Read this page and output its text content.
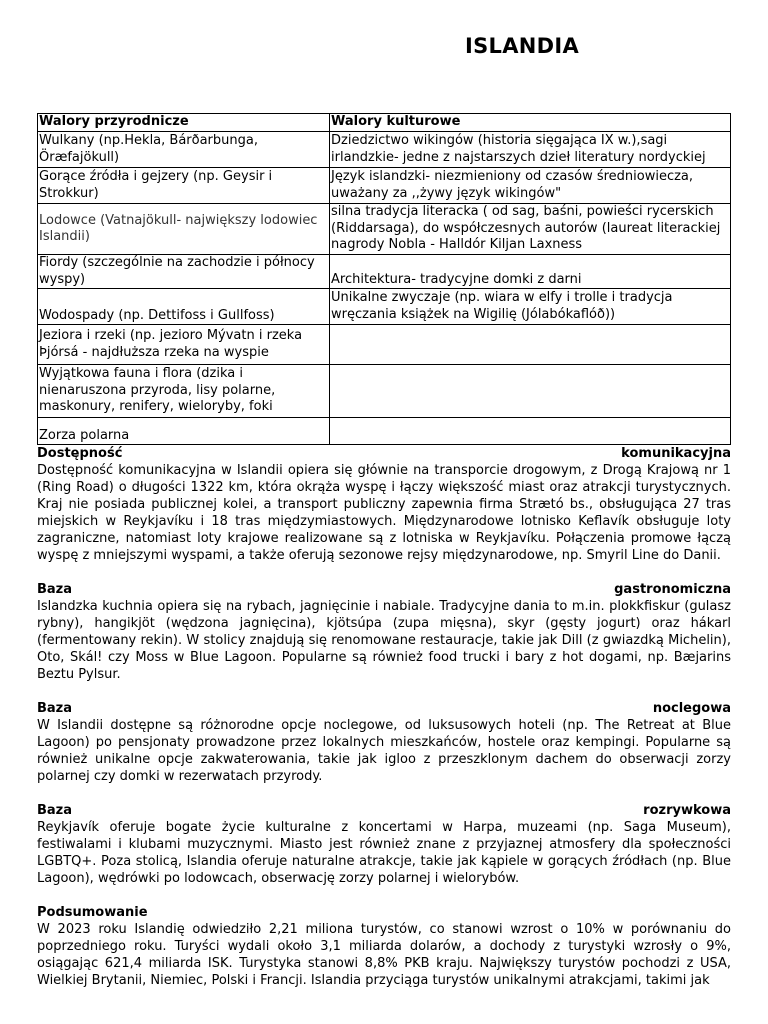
ISLANDIA
Walory przyrodnicze	Walory kulturowe
Wulkany (np.Hekla, Bárðarbunga, Öræfajökull)	Dziedzictwo wikingów (historia sięgająca IX w.),sagi irlandzkie- jedne z najstarszych dzieł literatury nordyckiej
Gorące źródła i gejzery (np. Geysir i Strokkur)	Język islandzki- niezmieniony od czasów średniowiecza, uważany za ,,żywy język wikingów"
Lodowce (Vatnajökull- największy lodowiec Islandii)	silna tradycja literacka ( od sag, baśni, powieści rycerskich (Riddarsaga), do współczesnych autorów (laureat literackiej nagrody Nobla - Halldór Kiljan Laxness
Fiordy (szczególnie na zachodzie i północy wyspy)	Architektura- tradycyjne domki z darni
Wodospady (np. Dettifoss i Gullfoss)	Unikalne zwyczaje (np. wiara w elfy i trolle i tradycja wręczania książek na Wigilię (Jólabókaflóð))
Jeziora i rzeki (np. jezioro Mývatn i rzeka Þjórsá - najdłuższa rzeka na wyspie	
Wyjątkowa fauna i flora (dzika i nienaruszona przyroda, lisy polarne, maskonury, renifery, wieloryby, foki	
Zorza polarna	
Dostępność	komunikacyjna

Dostępność komunikacyjna w Islandii opiera się głównie na transporcie drogowym, z Drogą Krajową nr 1 (Ring Road) o długości 1322 km, która okrąża wyspę i łączy większość miast oraz atrakcji turystycznych. Kraj nie posiada publicznej kolei, a transport publiczny zapewnia firma Strætó bs., obsługująca 27 tras miejskich w Reykjavíku i 18 tras międzymiastowych. Międzynarodowe lotnisko Keflavík obsługuje loty zagraniczne, natomiast loty krajowe realizowane są z lotniska w Reykjavíku. Połączenia promowe łączą wyspę z mniejszymi wyspami, a także oferują sezonowe rejsy międzynarodowe, np. Smyril Line do Danii.

Baza	gastronomiczna

Islandzka kuchnia opiera się na rybach, jagnięcinie i nabiale. Tradycyjne dania to m.in. plokkfiskur (gulasz rybny), hangikjöt (wędzona jagnięcina), kjötsúpa (zupa mięsna), skyr (gęsty jogurt) oraz hákarl (fermentowany rekin). W stolicy znajdują się renomowane restauracje, takie jak Dill (z gwiazdką Michelin), Oto, Skál! czy Moss w Blue Lagoon. Popularne są również food trucki i bary z hot dogami, np. Bæjarins Beztu Pylsur.

Baza	noclegowa

W Islandii dostępne są różnorodne opcje noclegowe, od luksusowych hoteli (np. The Retreat at Blue Lagoon) po pensjonaty prowadzone przez lokalnych mieszkańców, hostele oraz kempingi. Popularne są również unikalne opcje zakwaterowania, takie jak igloo z przeszklonym dachem do obserwacji zorzy polarnej czy domki w rezerwatach przyrody.

Baza	rozrywkowa

Reykjavík oferuje bogate życie kulturalne z koncertami w Harpa, muzeami (np. Saga Museum), festiwalami i klubami muzycznymi. Miasto jest również znane z przyjaznej atmosfery dla społeczności LGBTQ+. Poza stolicą, Islandia oferuje naturalne atrakcje, takie jak kąpiele w gorących źródłach (np. Blue Lagoon), wędrówki po lodowcach, obserwację zorzy polarnej i wielorybów.

Podsumowanie

W 2023 roku Islandię odwiedziło 2,21 miliona turystów, co stanowi wzrost o 10% w porównaniu do poprzedniego roku. Turyści wydali około 3,1 miliarda dolarów, a dochody z turystyki wzrosły o 9%, osiągając 621,4 miliarda ISK. Turystyka stanowi 8,8% PKB kraju. Największy turystów pochodzi z USA, Wielkiej Brytanii, Niemiec, Polski i Francji. Islandia przyciąga turystów unikalnymi atrakcjami, takimi jak
